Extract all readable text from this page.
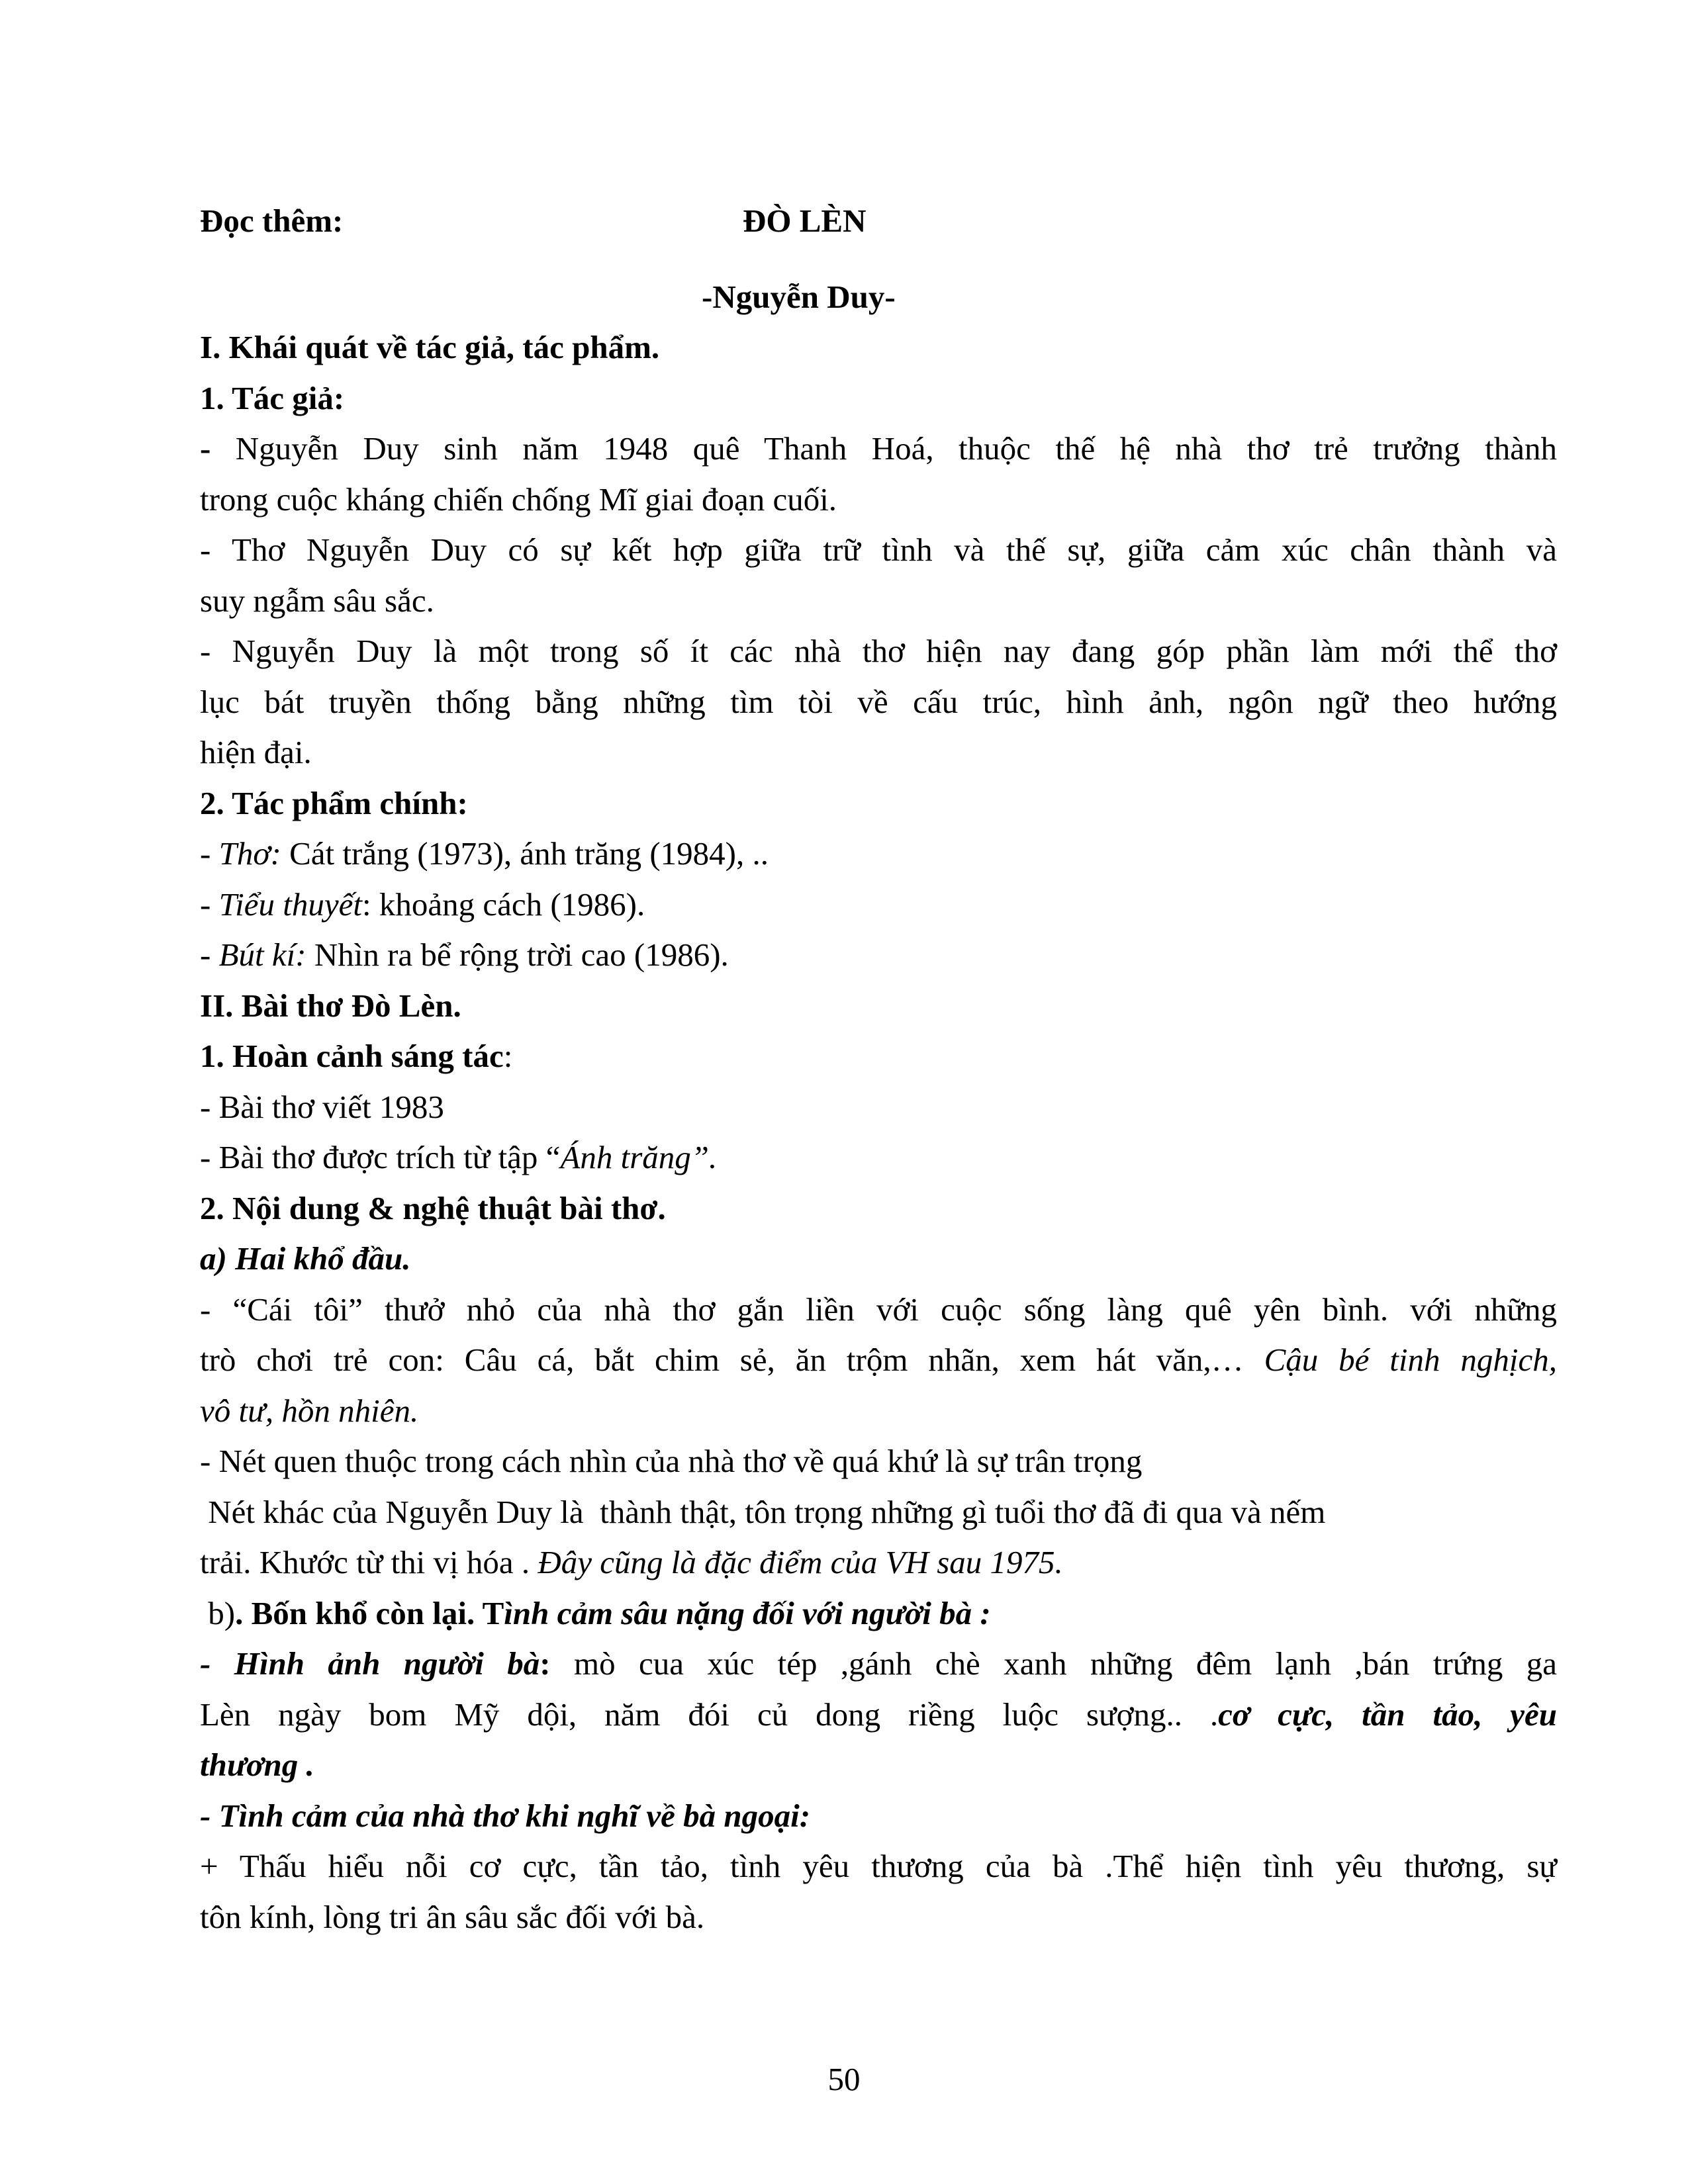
Đọc thêm:	ĐÒ LÈN
-Nguyễn Duy-
I. Khái quát về tác giả, tác phẩm.
1. Tác giả:
- Nguyễn Duy sinh năm 1948 quê Thanh Hoá, thuộc thế hệ nhà thơ trẻ trưởng thành
trong cuộc kháng chiến chống Mĩ giai đoạn cuối.
- Thơ Nguyễn Duy có sự kết hợp giữa trữ tình và thế sự, giữa cảm xúc chân thành và
suy ngẫm sâu sắc.
- Nguyễn Duy là một trong số ít các nhà thơ hiện nay đang góp phần làm mới thể thơ
lục bát truyền thống bằng những tìm tòi về cấu trúc, hình ảnh, ngôn ngữ theo hướng
hiện đại.
2. Tác phẩm chính:
- Thơ: Cát trắng (1973), ánh trăng (1984), ..
- Tiểu thuyết: khoảng cách (1986).
- Bút kí: Nhìn ra bể rộng trời cao (1986).
II. Bài thơ Đò Lèn.
1. Hoàn cảnh sáng tác:
- Bài thơ viết 1983
- Bài thơ được trích từ tập “Ánh trăng”.
2. Nội dung & nghệ thuật bài thơ.
a) Hai khổ đầu.
- “Cái tôi” thưở nhỏ của nhà thơ gắn liền với cuộc sống làng quê yên bình. với những
trò chơi trẻ con: Câu cá, bắt chim sẻ, ăn trộm nhãn, xem hát văn,… Cậu bé tinh nghịch,
vô tư, hồn nhiên.
- Nét quen thuộc trong cách nhìn của nhà thơ về quá khứ là sự trân trọng
Nét khác của Nguyễn Duy là  thành thật, tôn trọng những gì tuổi thơ đã đi qua và nếm
trải. Khước từ thi vị hóa . Đây cũng là đặc điểm của VH sau 1975.
b). Bốn khổ còn lại. Tình cảm sâu nặng đối với người bà :
- Hình ảnh người bà: mò cua xúc tép ,gánh chè xanh những đêm lạnh ,bán trứng ga
Lèn ngày bom Mỹ dội, năm đói củ dong riềng luộc sượng.. .cơ cực, tần tảo, yêu
thương .
- Tình cảm của nhà thơ khi nghĩ về bà ngoại:
+ Thấu hiểu nỗi cơ cực, tần tảo, tình yêu thương của bà .Thể hiện tình yêu thương, sự
tôn kính, lòng tri ân sâu sắc đối với bà.
50
